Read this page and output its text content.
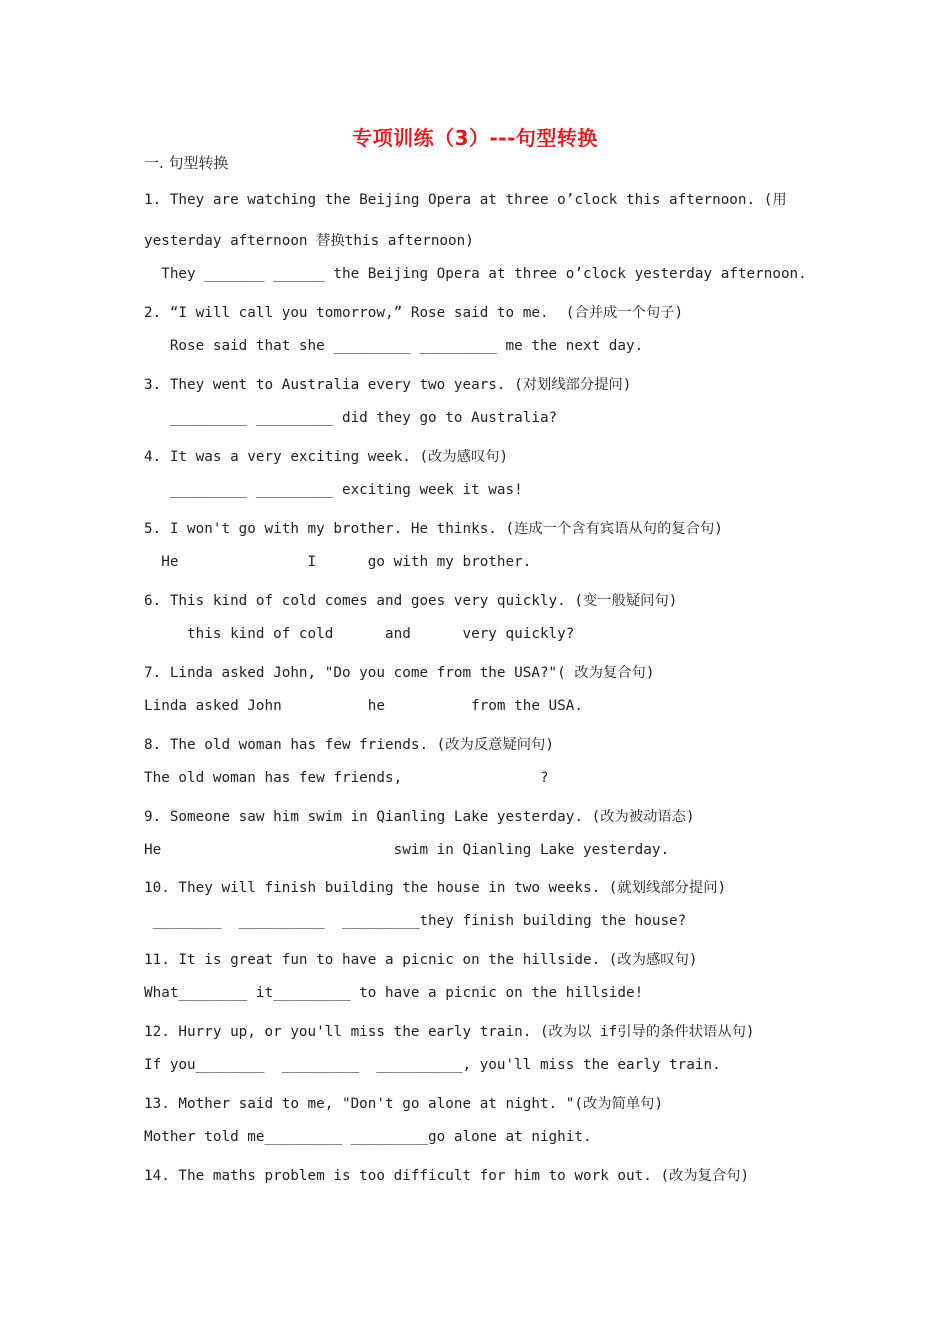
专项训练（3）---句型转换
一. 句型转换
1. They are watching the Beijing Opera at three o’clock this afternoon. (用
yesterday afternoon 替换this afternoon)
They _______ ______ the Beijing Opera at three o’clock yesterday afternoon.
2. “I will call you tomorrow,” Rose said to me.  (合并成一个句子)
Rose said that she _________ _________ me the next day.
3. They went to Australia every two years. (对划线部分提问)
_________ _________ did they go to Australia?
4. It was a very exciting week. (改为感叹句)
_________ _________ exciting week it was!
5. I won't go with my brother. He thinks. (连成一个含有宾语从句的复合句)
He               I      go with my brother.
6. This kind of cold comes and goes very quickly. (变一般疑问句)
this kind of cold      and      very quickly?
7. Linda asked John, "Do you come from the USA?"( 改为复合句)
Linda asked John          he          from the USA.
8. The old woman has few friends. (改为反意疑问句)
The old woman has few friends,                ?
9. Someone saw him swim in Qianling Lake yesterday. (改为被动语态)
He                           swim in Qianling Lake yesterday.
10. They will finish building the house in two weeks. (就划线部分提问)
________  __________  _________they finish building the house?
11. It is great fun to have a picnic on the hillside. (改为感叹句)
What________ it_________ to have a picnic on the hillside!
12. Hurry up, or you'll miss the early train. (改为以 if引导的条件状语从句)
If you________  _________  __________, you'll miss the early train.
13. Mother said to me, "Don't go alone at night. "(改为简单句)
Mother told me_________ _________go alone at nighit.
14. The maths problem is too difficult for him to work out. (改为复合句)
